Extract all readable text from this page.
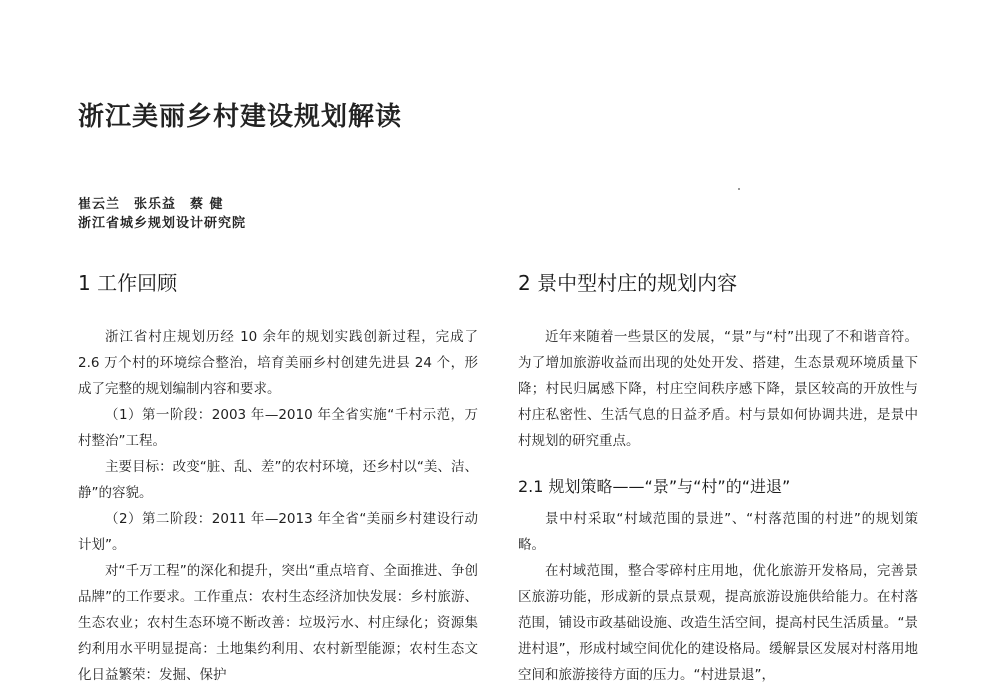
浙江美丽乡村建设规划解读
崔云兰　张乐益　蔡 健
浙江省城乡规划设计研究院
1 工作回顾

浙江省村庄规划历经 10 余年的规划实践创新过程，完成了 2.6 万个村的环境综合整治，培育美丽乡村创建先进县 24 个，形成了完整的规划编制内容和要求。

（1）第一阶段：2003 年—2010 年全省实施“千村示范，万村整治”工程。

主要目标：改变“脏、乱、差”的农村环境，还乡村以“美、洁、静”的容貌。

（2）第二阶段：2011 年—2013 年全省“美丽乡村建设行动计划”。

对“千万工程”的深化和提升，突出“重点培育、全面推进、争创品牌”的工作要求。工作重点：农村生态经济加快发展：乡村旅游、生态农业；农村生态环境不断改善：垃圾污水、村庄绿化；资源集约利用水平明显提高：土地集约利用、农村新型能源；农村生态文化日益繁荣：发掘、保护

2 景中型村庄的规划内容

近年来随着一些景区的发展，“景”与“村”出现了不和谐音符。为了增加旅游收益而出现的处处开发、搭建，生态景观环境质量下降；村民归属感下降，村庄空间秩序感下降，景区较高的开放性与村庄私密性、生活气息的日益矛盾。村与景如何协调共进，是景中村规划的研究重点。

2.1 规划策略——“景”与“村”的“进退”

景中村采取“村域范围的景进”、“村落范围的村进”的规划策略。

在村域范围，整合零碎村庄用地，优化旅游开发格局，完善景区旅游功能，形成新的景点景观，提高旅游设施供给能力。在村落范围，铺设市政基础设施、改造生活空间，提高村民生活质量。“景进村退”，形成村域空间优化的建设格局。缓解景区发展对村落用地空间和旅游接待方面的压力。“村进景退”，
